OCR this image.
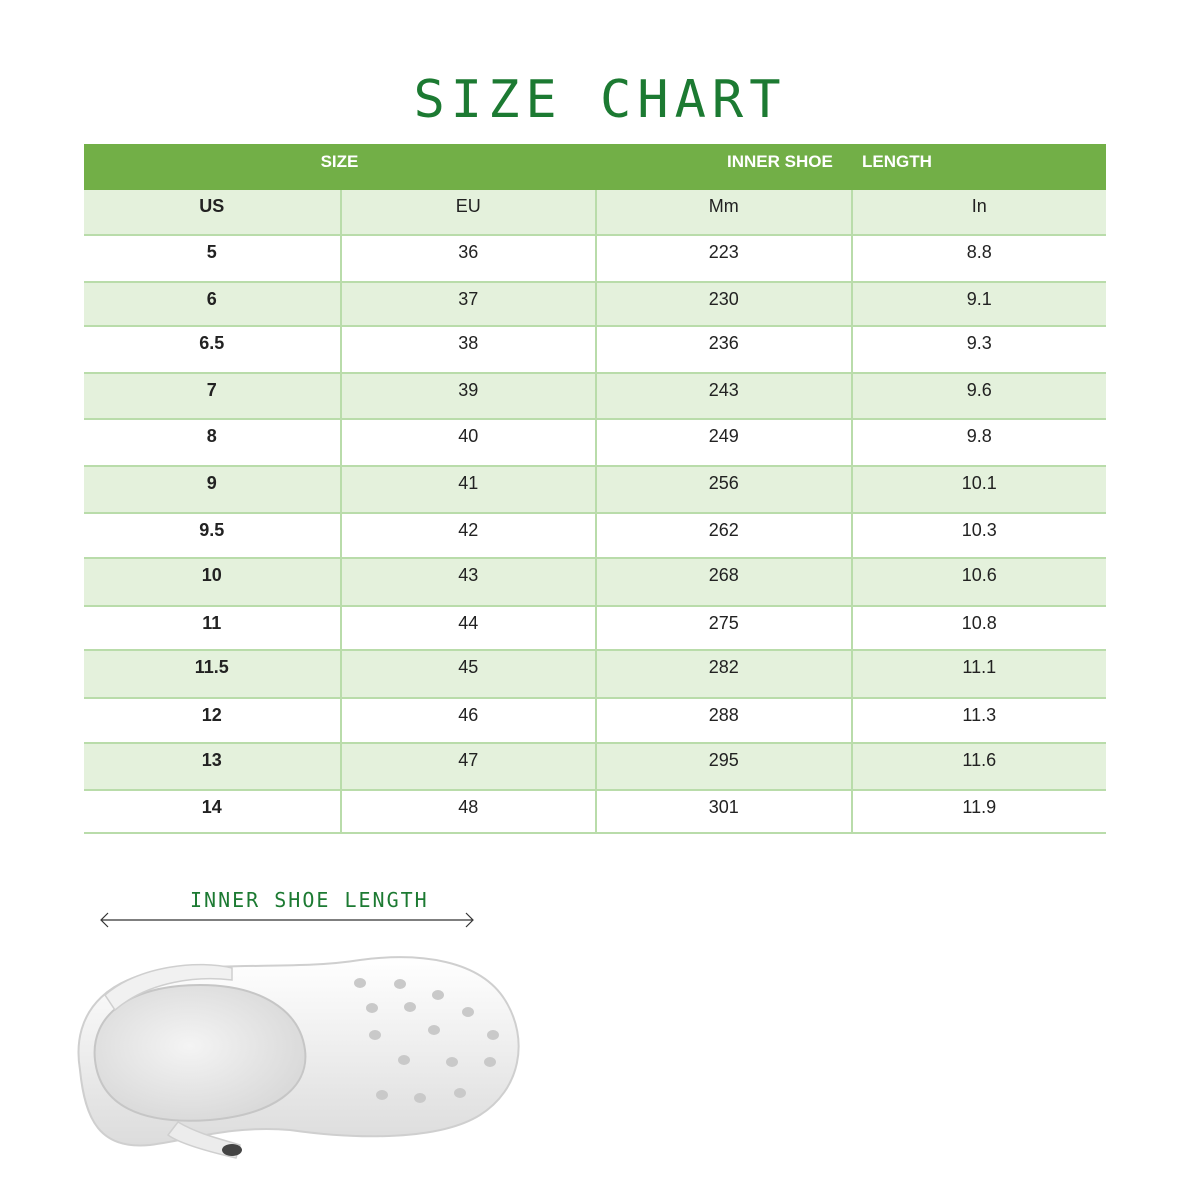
SIZE CHART
SIZE	INNER SHOE LENGTH
US	EU	Mm	In
5	36	223	8.8
6	37	230	9.1
6.5	38	236	9.3
7	39	243	9.6
8	40	249	9.8
9	41	256	10.1
9.5	42	262	10.3
10	43	268	10.6
11	44	275	10.8
11.5	45	282	11.1
12	46	288	11.3
13	47	295	11.6
14	48	301	11.9
INNER SHOE LENGTH
